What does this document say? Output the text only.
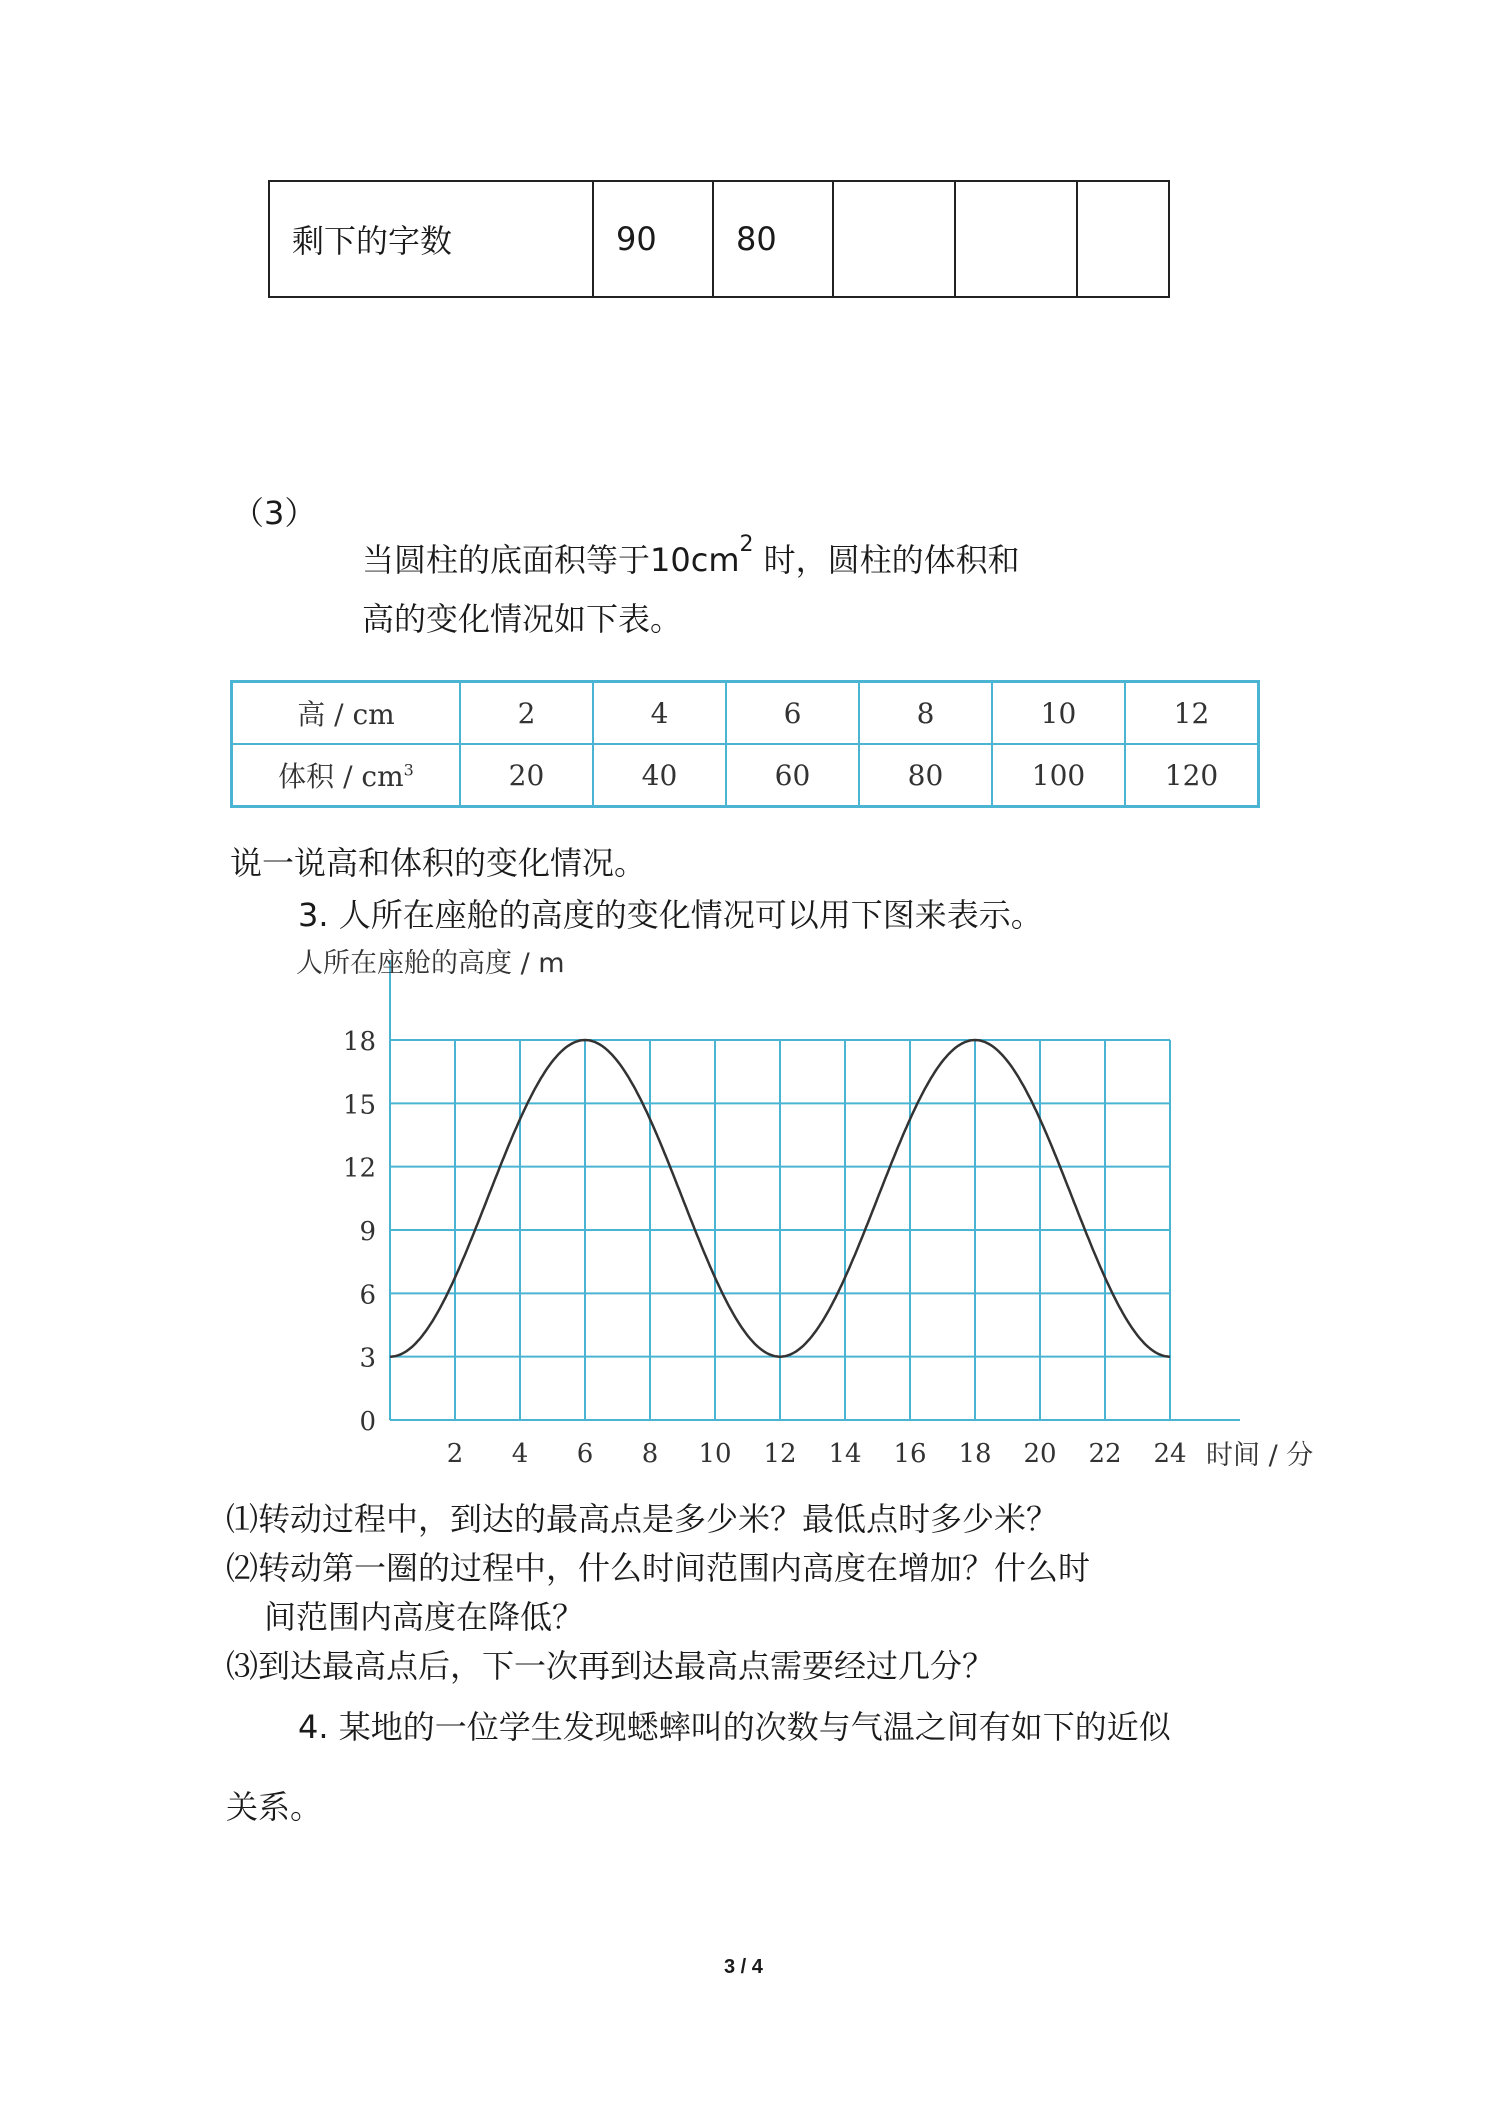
剩下的字数	90	80			
（3）
当圆柱的底面积等于$10cm^2$ 时，圆柱的体积和
高的变化情况如下表。
高 / cm	2	4	6	8	10	12
体积 / $cm^3$	20	40	60	80	100	120
说一说高和体积的变化情况。
3. 人所在座舱的高度的变化情况可以用下图来表示。
0
3
6
9
12
15
18
2 4 6 8 10 12 14 16 18 20 22 24
人所在座舱的高度 / m
时间 / 分
⑴转动过程中，到达的最高点是多少米？最低点时多少米？
⑵转动第一圈的过程中，什么时间范围内高度在增加？什么时
间范围内高度在降低？
⑶到达最高点后，下一次再到达最高点需要经过几分？
4. 某地的一位学生发现蟋蟀叫的次数与气温之间有如下的近似
关系。
3 / 4
